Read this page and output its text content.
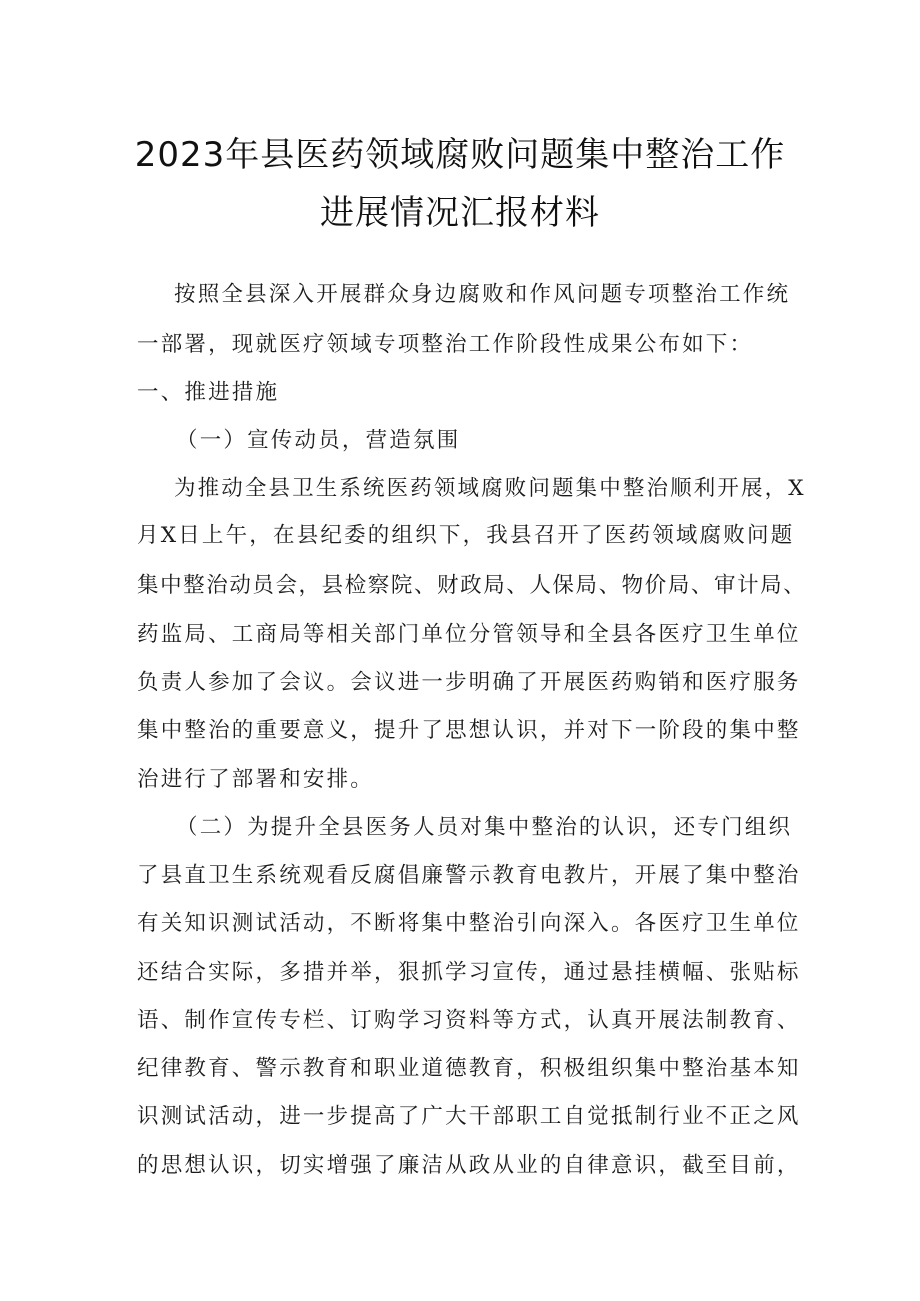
2023年县医药领域腐败问题集中整治工作
进展情况汇报材料
按照全县深入开展群众身边腐败和作风问题专项整治工作统
一部署，现就医疗领域专项整治工作阶段性成果公布如下：
一、推进措施
（一）宣传动员，营造氛围
为推动全县卫生系统医药领域腐败问题集中整治顺利开展，X
月X日上午，在县纪委的组织下，我县召开了医药领域腐败问题
集中整治动员会，县检察院、财政局、人保局、物价局、审计局、
药监局、工商局等相关部门单位分管领导和全县各医疗卫生单位
负责人参加了会议。会议进一步明确了开展医药购销和医疗服务
集中整治的重要意义，提升了思想认识，并对下一阶段的集中整
治进行了部署和安排。
（二）为提升全县医务人员对集中整治的认识，还专门组织
了县直卫生系统观看反腐倡廉警示教育电教片，开展了集中整治
有关知识测试活动，不断将集中整治引向深入。各医疗卫生单位
还结合实际，多措并举，狠抓学习宣传，通过悬挂横幅、张贴标
语、制作宣传专栏、订购学习资料等方式，认真开展法制教育、
纪律教育、警示教育和职业道德教育，积极组织集中整治基本知
识测试活动，进一步提高了广大干部职工自觉抵制行业不正之风
的思想认识，切实增强了廉洁从政从业的自律意识，截至目前，
